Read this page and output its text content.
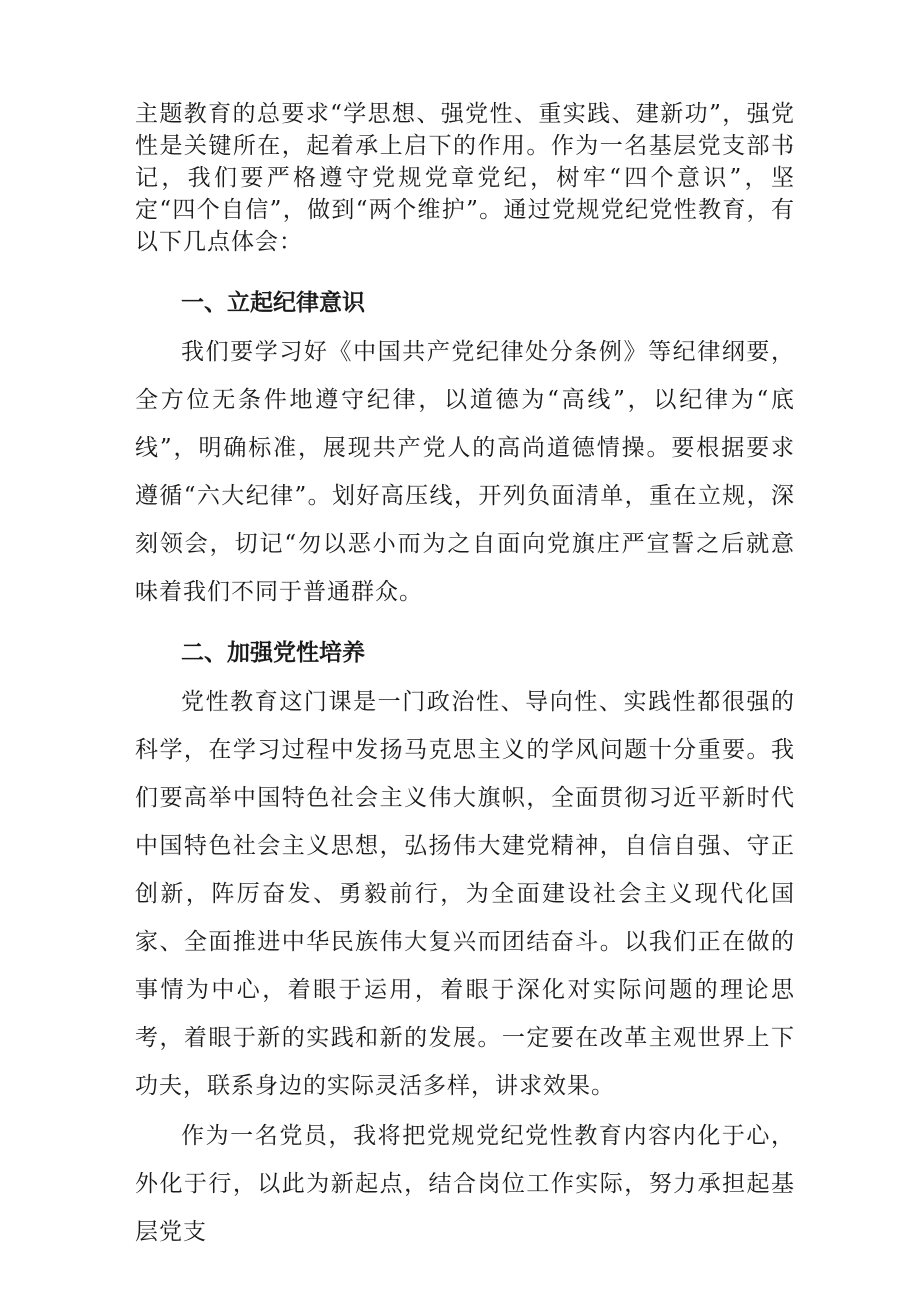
主题教育的总要求“学思想、强党性、重实践、建新功”，强党性是关键所在，起着承上启下的作用。作为一名基层党支部书记，我们要严格遵守党规党章党纪，树牢“四个意识”，坚定“四个自信”，做到“两个维护”。通过党规党纪党性教育，有以下几点体会：

一、立起纪律意识

我们要学习好《中国共产党纪律处分条例》等纪律纲要，全方位无条件地遵守纪律，以道德为“高线”，以纪律为“底线”，明确标准，展现共产党人的高尚道德情操。要根据要求遵循“六大纪律”。划好高压线，开列负面清单，重在立规，深刻领会，切记“勿以恶小而为之自面向党旗庄严宣誓之后就意味着我们不同于普通群众。

二、加强党性培养

党性教育这门课是一门政治性、导向性、实践性都很强的科学，在学习过程中发扬马克思主义的学风问题十分重要。我们要高举中国特色社会主义伟大旗帜，全面贯彻习近平新时代中国特色社会主义思想，弘扬伟大建党精神，自信自强、守正创新，阵厉奋发、勇毅前行，为全面建设社会主义现代化国家、全面推进中华民族伟大复兴而团结奋斗。以我们正在做的事情为中心，着眼于运用，着眼于深化对实际问题的理论思考，着眼于新的实践和新的发展。一定要在改革主观世界上下功夫，联系身边的实际灵活多样，讲求效果。

作为一名党员，我将把党规党纪党性教育内容内化于心，外化于行，以此为新起点，结合岗位工作实际，努力承担起基层党支
